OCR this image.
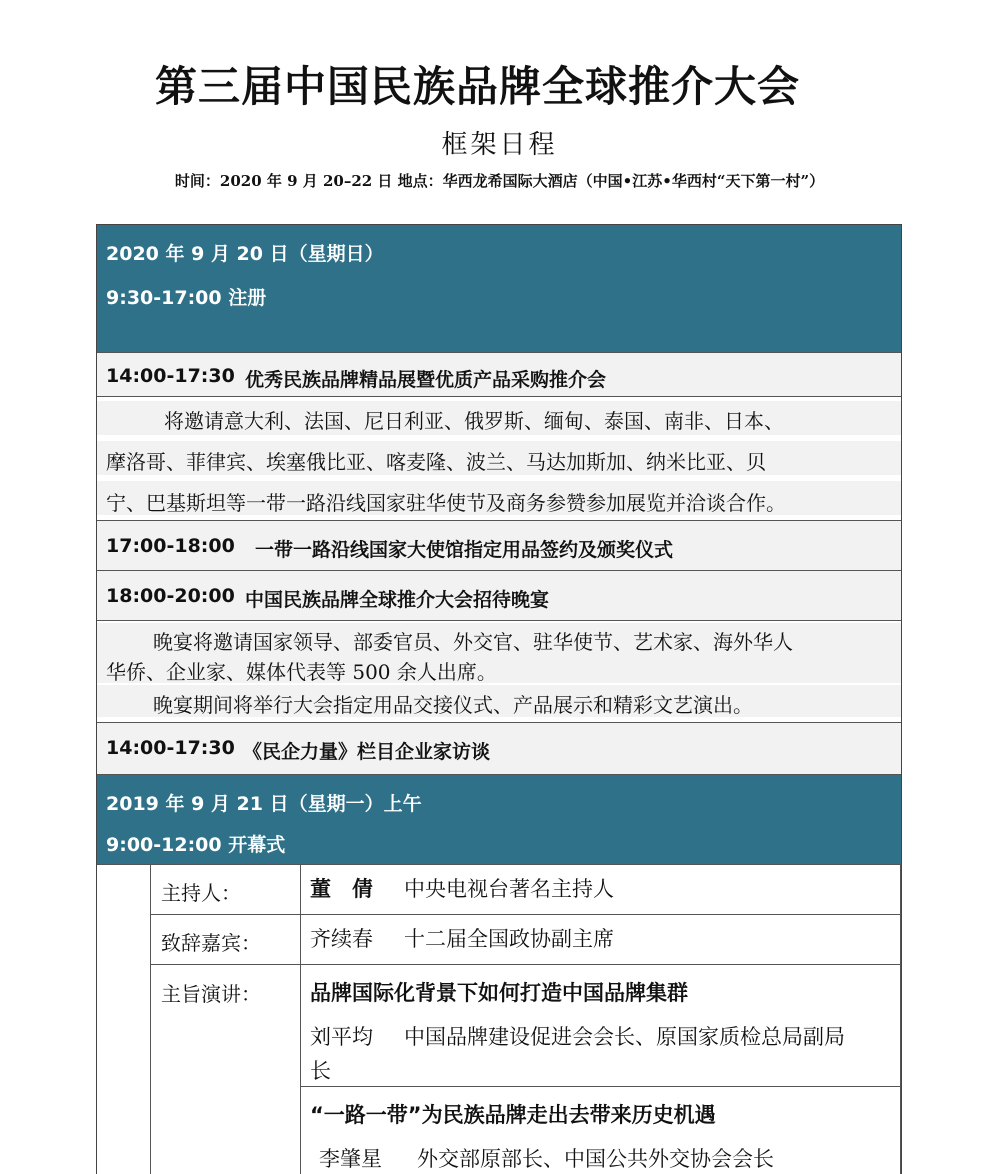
第三届中国民族品牌全球推介大会
框架日程
时间：2020 年 9 月 20–22 日 地点：华西龙希国际大酒店（中国•江苏•华西村“天下第一村”）
2020 年 9 月 20 日（星期日）
9:30-17:00 注册
14:00-17:30 优秀民族品牌精品展暨优质产品采购推介会
将邀请意大利、法国、尼日利亚、俄罗斯、缅甸、泰国、南非、日本、
摩洛哥、菲律宾、埃塞俄比亚、喀麦隆、波兰、马达加斯加、纳米比亚、贝
宁、巴基斯坦等一带一路沿线国家驻华使节及商务参赞参加展览并洽谈合作。
17:00-18:00 一带一路沿线国家大使馆指定用品签约及颁奖仪式
18:00-20:00 中国民族品牌全球推介大会招待晚宴
晚宴将邀请国家领导、部委官员、外交官、驻华使节、艺术家、海外华人
华侨、企业家、媒体代表等 500 余人出席。
晚宴期间将举行大会指定用品交接仪式、产品展示和精彩文艺演出。
14:00-17:30 《民企力量》栏目企业家访谈
2019 年 9 月 21 日（星期一）上午
9:00-12:00 开幕式
主持人：	董　倩 中央电视台著名主持人
致辞嘉宾： 齐续春 十二届全国政协副主席
主旨演讲： 品牌国际化背景下如何打造中国品牌集群
刘平均 中国品牌建设促进会会长、原国家质检总局副局
长
“一路一带”为民族品牌走出去带来历史机遇
李肇星 外交部原部长、中国公共外交协会会长
